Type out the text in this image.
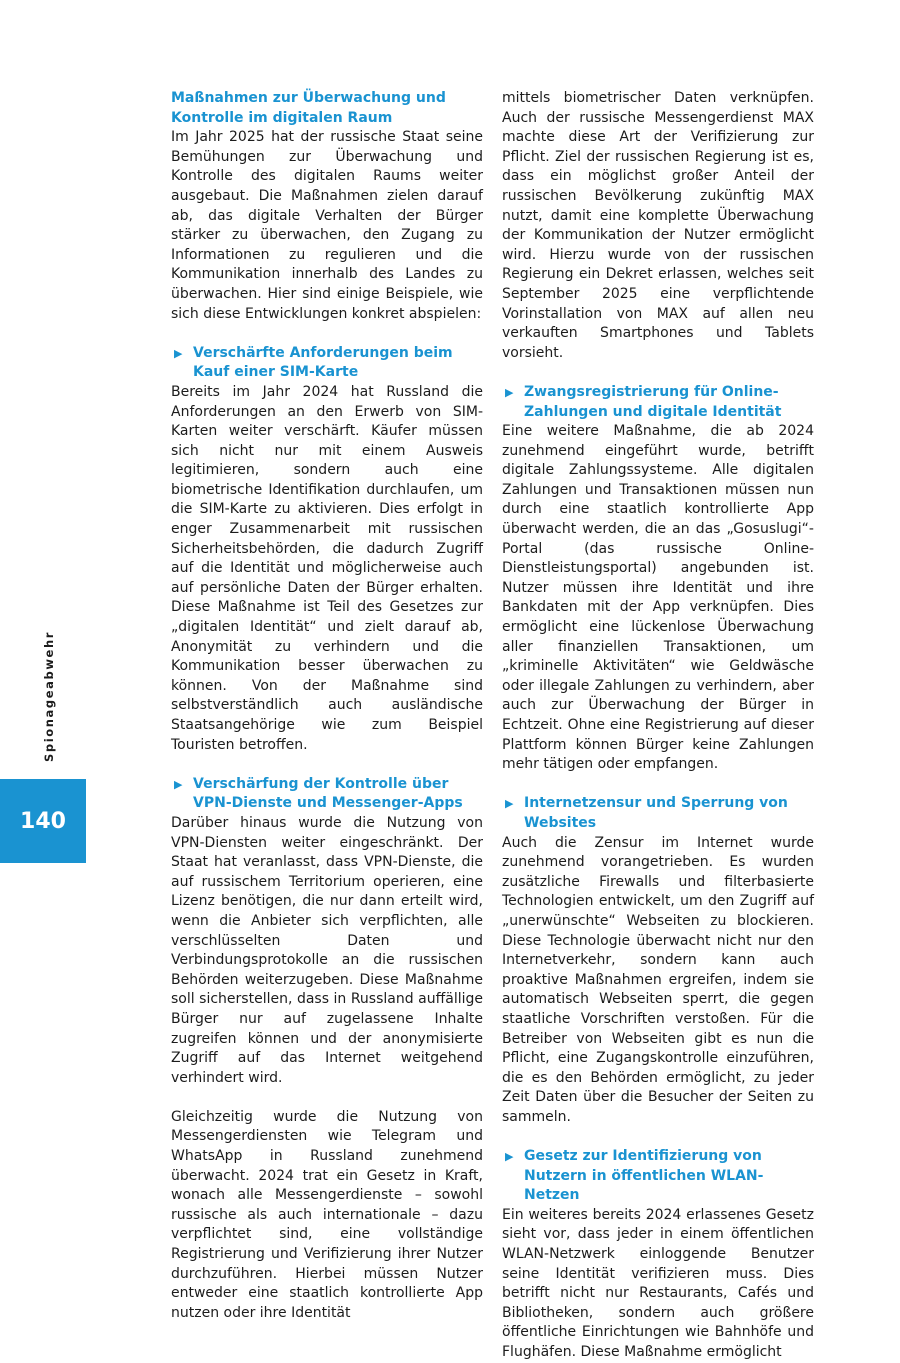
Spionageabwehr
140
Maßnahmen zur Überwachung und Kontrolle im digitalen Raum

Im Jahr 2025 hat der russische Staat seine Bemühungen zur Überwachung und Kontrolle des digitalen Raums weiter ausgebaut. Die Maßnahmen zielen darauf ab, das digitale Verhalten der Bürger stärker zu überwachen, den Zugang zu Informationen zu regulieren und die Kommunikation innerhalb des Landes zu überwachen. Hier sind einige Beispiele, wie sich diese Entwicklungen konkret abspielen:

▶ Verschärfte Anforderungen beim Kauf einer SIM-Karte

Bereits im Jahr 2024 hat Russland die Anforderungen an den Erwerb von SIM-Karten weiter verschärft. Käufer müssen sich nicht nur mit einem Ausweis legitimieren, sondern auch eine biometrische Identifikation durchlaufen, um die SIM-Karte zu aktivieren. Dies erfolgt in enger Zusammenarbeit mit russischen Sicherheitsbehörden, die dadurch Zugriff auf die Identität und möglicherweise auch auf persönliche Daten der Bürger erhalten. Diese Maßnahme ist Teil des Gesetzes zur „digitalen Identität“ und zielt darauf ab, Anonymität zu verhindern und die Kommunikation besser überwachen zu können. Von der Maßnahme sind selbstverständlich auch ausländische Staatsangehörige wie zum Beispiel Touristen betroffen.

▶ Verschärfung der Kontrolle über VPN-Dienste und Messenger-Apps

Darüber hinaus wurde die Nutzung von VPN-Diensten weiter eingeschränkt. Der Staat hat veranlasst, dass VPN-Dienste, die auf russischem Territorium operieren, eine Lizenz benötigen, die nur dann erteilt wird, wenn die Anbieter sich verpflichten, alle verschlüsselten Daten und Verbindungsprotokolle an die russischen Behörden weiterzugeben. Diese Maßnahme soll sicherstellen, dass in Russland auffällige Bürger nur auf zugelassene Inhalte zugreifen können und der anonymisierte Zugriff auf das Internet weitgehend verhindert wird.

Gleichzeitig wurde die Nutzung von Messengerdiensten wie Telegram und WhatsApp in Russland zunehmend überwacht. 2024 trat ein Gesetz in Kraft, wonach alle Messengerdienste – sowohl russische als auch internationale – dazu verpflichtet sind, eine vollständige Registrierung und Verifizierung ihrer Nutzer durchzuführen. Hierbei müssen Nutzer entweder eine staatlich kontrollierte App nutzen oder ihre Identität

mittels biometrischer Daten verknüpfen. Auch der russische Messengerdienst MAX machte diese Art der Verifizierung zur Pflicht. Ziel der russischen Regierung ist es, dass ein möglichst großer Anteil der russischen Bevölkerung zukünftig MAX nutzt, damit eine komplette Überwachung der Kommunikation der Nutzer ermöglicht wird. Hierzu wurde von der russischen Regierung ein Dekret erlassen, welches seit September 2025 eine verpflichtende Vorinstallation von MAX auf allen neu verkauften Smartphones und Tablets vorsieht.

▶ Zwangsregistrierung für Online-Zahlungen und digitale Identität

Eine weitere Maßnahme, die ab 2024 zunehmend eingeführt wurde, betrifft digitale Zahlungssysteme. Alle digitalen Zahlungen und Transaktionen müssen nun durch eine staatlich kontrollierte App überwacht werden, die an das „Gosuslugi“-Portal (das russische Online-Dienstleistungsportal) angebunden ist. Nutzer müssen ihre Identität und ihre Bankdaten mit der App verknüpfen. Dies ermöglicht eine lückenlose Überwachung aller finanziellen Transaktionen, um „kriminelle Aktivitäten“ wie Geldwäsche oder illegale Zahlungen zu verhindern, aber auch zur Überwachung der Bürger in Echtzeit. Ohne eine Registrierung auf dieser Plattform können Bürger keine Zahlungen mehr tätigen oder empfangen.

▶ Internetzensur und Sperrung von Websites

Auch die Zensur im Internet wurde zunehmend vorangetrieben. Es wurden zusätzliche Firewalls und filterbasierte Technologien entwickelt, um den Zugriff auf „unerwünschte“ Webseiten zu blockieren. Diese Technologie überwacht nicht nur den Internetverkehr, sondern kann auch proaktive Maßnahmen ergreifen, indem sie automatisch Webseiten sperrt, die gegen staatliche Vorschriften verstoßen. Für die Betreiber von Webseiten gibt es nun die Pflicht, eine Zugangskontrolle einzuführen, die es den Behörden ermöglicht, zu jeder Zeit Daten über die Besucher der Seiten zu sammeln.

▶ Gesetz zur Identifizierung von Nutzern in öffentlichen WLAN-Netzen

Ein weiteres bereits 2024 erlassenes Gesetz sieht vor, dass jeder in einem öffentlichen WLAN-Netzwerk einloggende Benutzer seine Identität verifizieren muss. Dies betrifft nicht nur Restaurants, Cafés und Bibliotheken, sondern auch größere öffentliche Einrichtungen wie Bahnhöfe und Flughäfen. Diese Maßnahme ermöglicht
